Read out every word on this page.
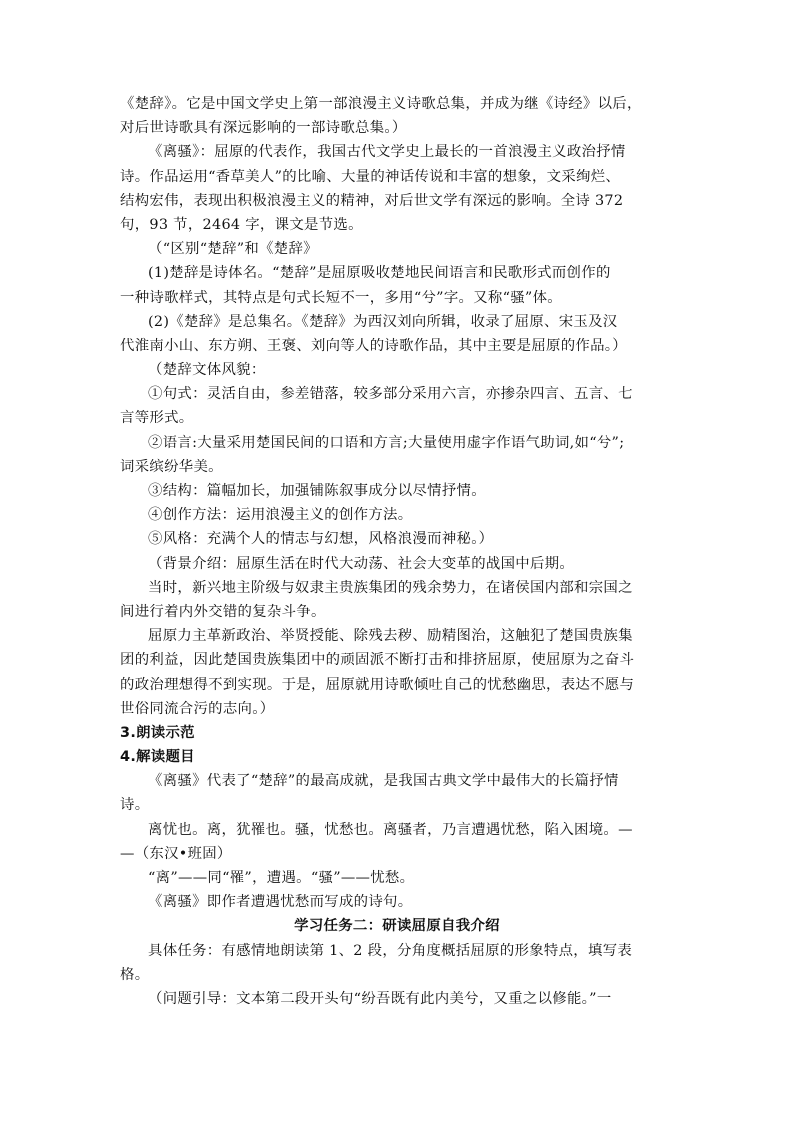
《楚辞》。它是中国文学史上第一部浪漫主义诗歌总集，并成为继《诗经》以后，
对后世诗歌具有深远影响的一部诗歌总集。）
《离骚》：屈原的代表作，我国古代文学史上最长的一首浪漫主义政治抒情
诗。作品运用“香草美人”的比喻、大量的神话传说和丰富的想象，文采绚烂、
结构宏伟，表现出积极浪漫主义的精神，对后世文学有深远的影响。全诗 372
句，93 节，2464 字，课文是节选。
（“区别“楚辞”和《楚辞》
(1)楚辞是诗体名。“楚辞”是屈原吸收楚地民间语言和民歌形式而创作的
一种诗歌样式，其特点是句式长短不一，多用“兮”字。又称“骚”体。
(2)《楚辞》是总集名。《楚辞》为西汉刘向所辑，收录了屈原、宋玉及汉
代淮南小山、东方朔、王褒、刘向等人的诗歌作品，其中主要是屈原的作品。）
（楚辞文体风貌：
①句式：灵活自由，参差错落，较多部分采用六言，亦掺杂四言、五言、七
言等形式。
②语言:大量采用楚国民间的口语和方言;大量使用虚字作语气助词,如“兮”;
词采缤纷华美。
③结构：篇幅加长，加强铺陈叙事成分以尽情抒情。
④创作方法：运用浪漫主义的创作方法。
⑤风格：充满个人的情志与幻想，风格浪漫而神秘。）
（背景介绍：屈原生活在时代大动荡、社会大变革的战国中后期。
当时，新兴地主阶级与奴隶主贵族集团的残余势力，在诸侯国内部和宗国之
间进行着内外交错的复杂斗争。
屈原力主革新政治、举贤授能、除残去秽、励精图治，这触犯了楚国贵族集
团的利益，因此楚国贵族集团中的顽固派不断打击和排挤屈原，使屈原为之奋斗
的政治理想得不到实现。于是，屈原就用诗歌倾吐自己的忧愁幽思，表达不愿与
世俗同流合污的志向。）
3.朗读示范
4.解读题目
《离骚》代表了“楚辞”的最高成就，是我国古典文学中最伟大的长篇抒情
诗。
离忧也。离，犹罹也。骚，忧愁也。离骚者，乃言遭遇忧愁，陷入困境。—
—（东汉•班固）
“离”——同“罹”，遭遇。“骚”——忧愁。
《离骚》即作者遭遇忧愁而写成的诗句。
学习任务二：研读屈原自我介绍
具体任务：有感情地朗读第 1、2 段，分角度概括屈原的形象特点，填写表
格。
（问题引导：文本第二段开头句“纷吾既有此内美兮，又重之以修能。”一
